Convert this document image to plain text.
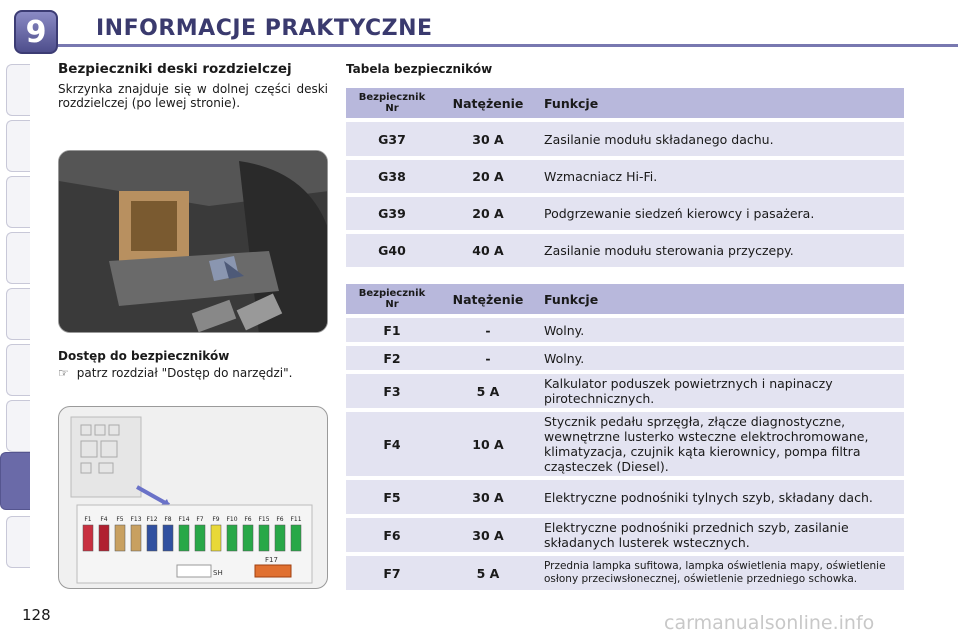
9	INFORMACJE PRAKTYCZNE
Bezpieczniki deski rozdzielczej
Skrzynka znajduje się w dolnej części deski rozdzielczej (po lewej stronie).
Dostęp do bezpieczników
☞ patrz rozdział "Dostęp do narzędzi".
F1 F4 F5 F13 F12 F8 F14 F7 F9 F10 F6 F15 F6 F11
SH
F17
Tabela bezpieczników
Bezpiecznik Nr	Natężenie	Funkcje
G37	30 A	Zasilanie modułu składanego dachu.
G38	20 A	Wzmacniacz Hi-Fi.
G39	20 A	Podgrzewanie siedzeń kierowcy i pasażera.
G40	40 A	Zasilanie modułu sterowania przyczepy.
Bezpiecznik Nr	Natężenie	Funkcje
F1	-	Wolny.
F2	-	Wolny.
F3	5 A	Kalkulator poduszek powietrznych i napinaczy pirotechnicznych.
F4	10 A	Stycznik pedału sprzęgła, złącze diagnostyczne, wewnętrzne lusterko wsteczne elektrochromowane, klimatyzacja, czujnik kąta kierownicy, pompa filtra cząsteczek (Diesel).
F5	30 A	Elektryczne podnośniki tylnych szyb, składany dach.
F6	30 A	Elektryczne podnośniki przednich szyb, zasilanie składanych lusterek wstecznych.
F7	5 A	Przednia lampka sufitowa, lampka oświetlenia mapy, oświetlenie osłony przeciwsłonecznej, oświetlenie przedniego schowka.
128	carmanualsonline.info
